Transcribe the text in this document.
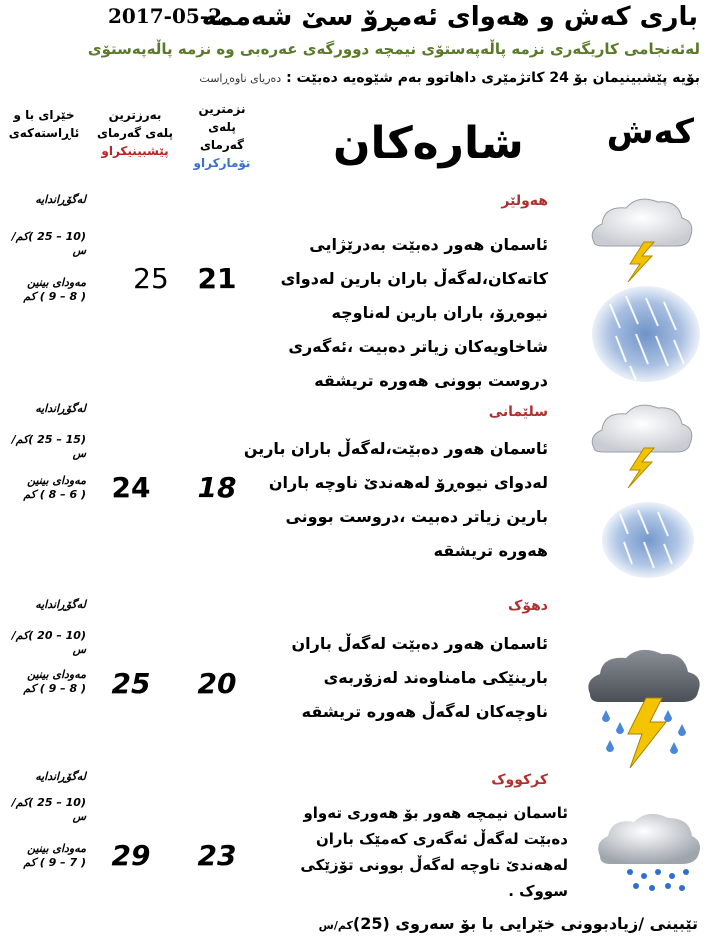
باری کەش و هەوای ئەمڕۆ سێ شەممە
2017-05-2
لەئەنجامی کاریگەری نزمە پاڵەپەستۆی نیمچە دوورگەی عەرەبی وە نزمە پاڵەپەستۆی
بۆیە پێشبینیمان بۆ 24 کاتژمێری داهاتوو بەم شێوەیە دەبێت : دەریای ناوەڕاست
خێرای با و
ئاڕاستەکەی
بەرزترین
پلەی گەرمای
پێشبینیکراو
نزمترین پلەی
گەرمای
تۆمارکراو شارەکان کەش
هەولێر
ئاسمان هەور دەبێت بەدرێژایی
کاتەکان،لەگەڵ باران بارین لەدوای
نیوەڕۆ، باران بارین لەناوچە
شاخاویەکان زیاتر دەبیت ،ئەگەری
دروست بوونی هەورە تریشقە
21
25
لەگۆڕاندایە
(10 – 25 )کم/س
مەودای بینین
( 8 – 9 ) کم
سلێمانی
ئاسمان هەور دەبێت،لەگەڵ باران بارین
لەدوای نیوەڕۆ لەهەندێ ناوچە باران
بارین زیاتر دەبیت ،دروست بوونی
هەورە تریشقە
18
24
لەگۆڕاندایە
(15 – 25 )کم/س
مەودای بینین
( 6 – 8 ) کم
دهۆک
ئاسمان هەور دەبێت لەگەڵ باران
بارینێکی مامناوەند لەزۆربەی
ناوچەکان لەگەڵ هەورە تریشقە
20
25
لەگۆڕاندایە
(10 – 20 )کم/س
مەودای بینین
( 8 – 9 ) کم
کرکووک
ئاسمان نیمچە هەور بۆ هەوری تەواو
دەبێت لەگەڵ ئەگەری کەمێک باران
لەهەندێ ناوچە لەگەڵ بوونی تۆزێکی
سووک .
23
29
لەگۆڕاندایە
(10 – 25 )کم/س
مەودای بینین
( 7 – 9 ) کم
تێبینی /زیادبوونی خێرایی با بۆ سەروی (25)کم/س
